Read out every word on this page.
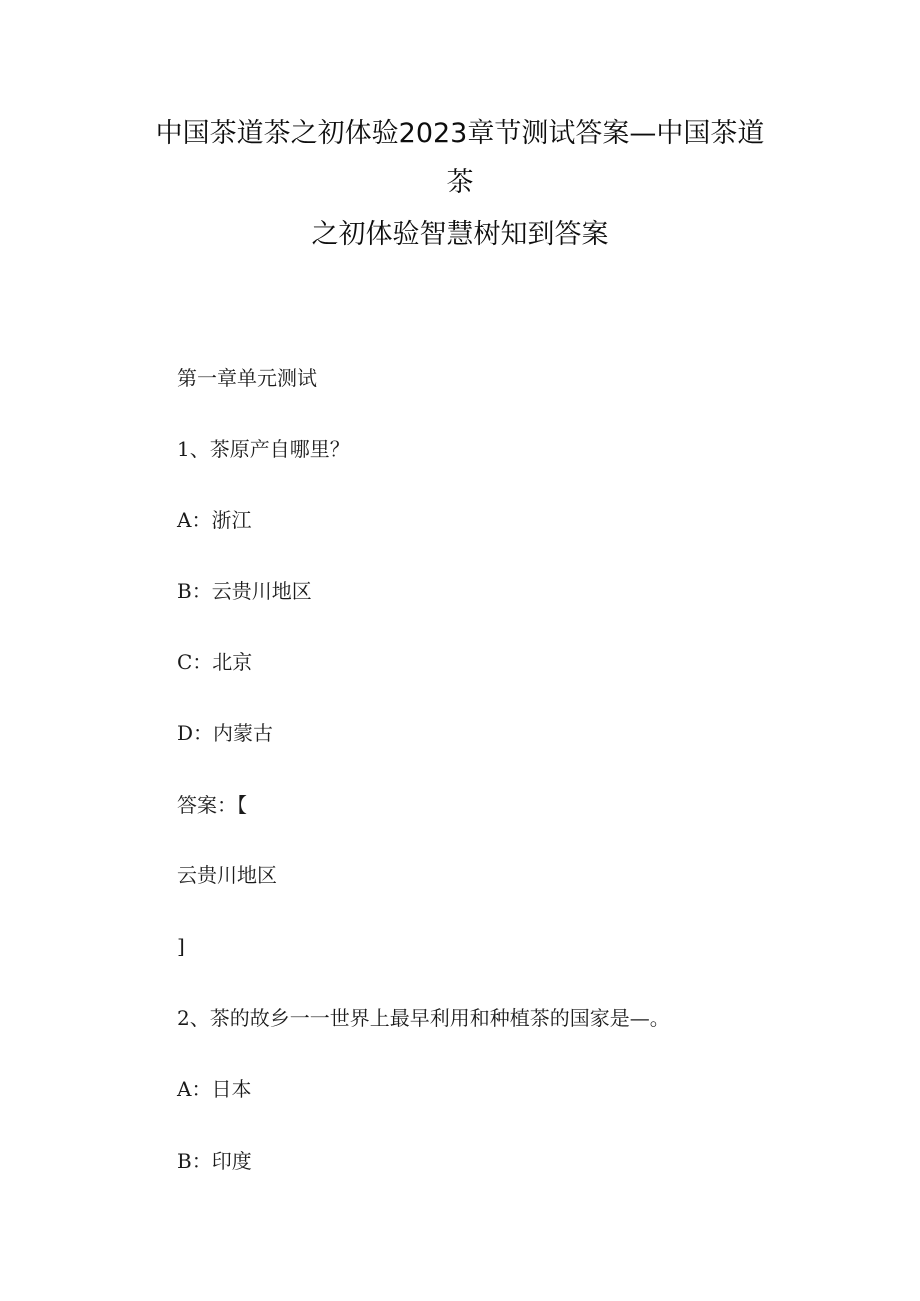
中国茶道茶之初体验2023章节测试答案—中国茶道
茶
之初体验智慧树知到答案
第一章单元测试
1、茶原产自哪里？
A：浙江
B：云贵川地区
C：北京
D：内蒙古
答案：【
云贵川地区
]
2、茶的故乡一一世界上最早利用和种植茶的国家是—。
A：日本
B：印度
